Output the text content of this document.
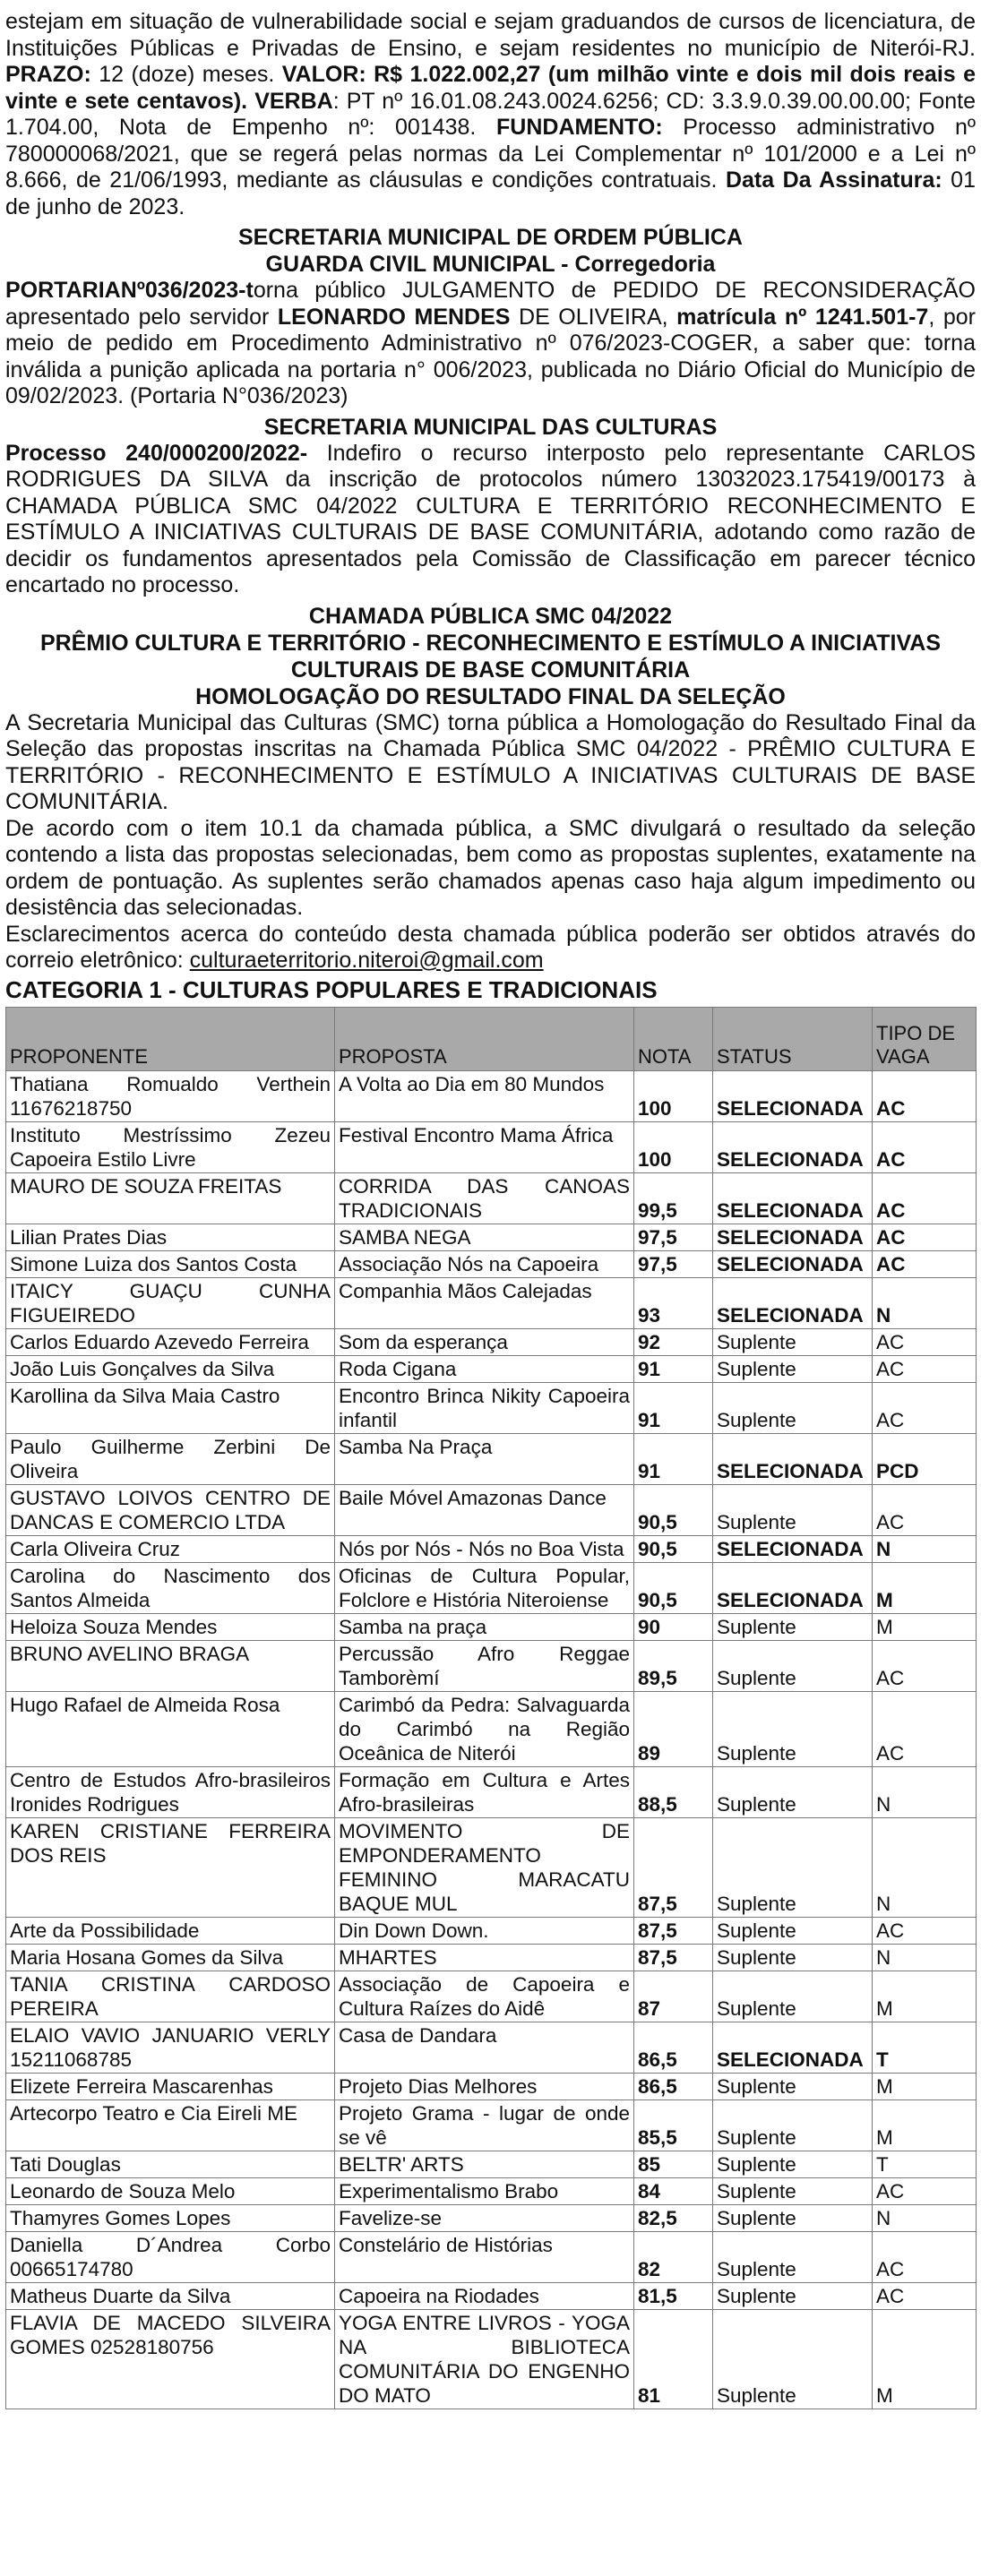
estejam em situação de vulnerabilidade social e sejam graduandos de cursos de licenciatura, de Instituições Públicas e Privadas de Ensino, e sejam residentes no município de Niterói-RJ. PRAZO: 12 (doze) meses. VALOR: R$ 1.022.002,27 (um milhão vinte e dois mil dois reais e vinte e sete centavos). VERBA: PT nº 16.01.08.243.0024.6256; CD: 3.3.9.0.39.00.00.00; Fonte 1.704.00, Nota de Empenho nº: 001438. FUNDAMENTO: Processo administrativo nº 780000068/2021, que se regerá pelas normas da Lei Complementar nº 101/2000 e a Lei nº 8.666, de 21/06/1993, mediante as cláusulas e condições contratuais. Data Da Assinatura: 01 de junho de 2023.

SECRETARIA MUNICIPAL DE ORDEM PÚBLICA
GUARDA CIVIL MUNICIPAL - Corregedoria

PORTARIANº036/2023-torna público JULGAMENTO de PEDIDO DE RECONSIDERAÇÃO apresentado pelo servidor LEONARDO MENDES DE OLIVEIRA, matrícula nº 1241.501-7, por meio de pedido em Procedimento Administrativo nº 076/2023-COGER, a saber que: torna inválida a punição aplicada na portaria n° 006/2023, publicada no Diário Oficial do Município de 09/02/2023. (Portaria N°036/2023)

SECRETARIA MUNICIPAL DAS CULTURAS

Processo 240/000200/2022- Indefiro o recurso interposto pelo representante CARLOS RODRIGUES DA SILVA da inscrição de protocolos número 13032023.175419/00173 à CHAMADA PÚBLICA SMC 04/2022 CULTURA E TERRITÓRIO RECONHECIMENTO E ESTÍMULO A INICIATIVAS CULTURAIS DE BASE COMUNITÁRIA, adotando como razão de decidir os fundamentos apresentados pela Comissão de Classificação em parecer técnico encartado no processo.

CHAMADA PÚBLICA SMC 04/2022
PRÊMIO CULTURA E TERRITÓRIO - RECONHECIMENTO E ESTÍMULO A INICIATIVAS CULTURAIS DE BASE COMUNITÁRIA
HOMOLOGAÇÃO DO RESULTADO FINAL DA SELEÇÃO

A Secretaria Municipal das Culturas (SMC) torna pública a Homologação do Resultado Final da Seleção das propostas inscritas na Chamada Pública SMC 04/2022 - PRÊMIO CULTURA E TERRITÓRIO - RECONHECIMENTO E ESTÍMULO A INICIATIVAS CULTURAIS DE BASE COMUNITÁRIA.

De acordo com o item 10.1 da chamada pública, a SMC divulgará o resultado da seleção contendo a lista das propostas selecionadas, bem como as propostas suplentes, exatamente na ordem de pontuação. As suplentes serão chamados apenas caso haja algum impedimento ou desistência das selecionadas.

Esclarecimentos acerca do conteúdo desta chamada pública poderão ser obtidos através do correio eletrônico: culturaeterritorio.niteroi@gmail.com

CATEGORIA 1 - CULTURAS POPULARES E TRADICIONAIS
PROPONENTE	PROPOSTA	NOTA	STATUS	TIPO DE VAGA
Thatiana Romualdo Verthein 11676218750	A Volta ao Dia em 80 Mundos	100	SELECIONADA	AC
Instituto Mestríssimo Zezeu Capoeira Estilo Livre	Festival Encontro Mama África	100	SELECIONADA	AC
MAURO DE SOUZA FREITAS	CORRIDA DAS CANOAS TRADICIONAIS	99,5	SELECIONADA	AC
Lilian Prates Dias	SAMBA NEGA	97,5	SELECIONADA	AC
Simone Luiza dos Santos Costa	Associação Nós na Capoeira	97,5	SELECIONADA	AC
ITAICY GUAÇU CUNHA FIGUEIREDO	Companhia Mãos Calejadas	93	SELECIONADA	N
Carlos Eduardo Azevedo Ferreira	Som da esperança	92	Suplente	AC
João Luis Gonçalves da Silva	Roda Cigana	91	Suplente	AC
Karollina da Silva Maia Castro	Encontro Brinca Nikity Capoeira infantil	91	Suplente	AC
Paulo Guilherme Zerbini De Oliveira	Samba Na Praça	91	SELECIONADA	PCD
GUSTAVO LOIVOS CENTRO DE DANCAS E COMERCIO LTDA	Baile Móvel Amazonas Dance	90,5	Suplente	AC
Carla Oliveira Cruz	Nós por Nós - Nós no Boa Vista	90,5	SELECIONADA	N
Carolina do Nascimento dos Santos Almeida	Oficinas de Cultura Popular, Folclore e História Niteroiense	90,5	SELECIONADA	M
Heloiza Souza Mendes	Samba na praça	90	Suplente	M
BRUNO AVELINO BRAGA	Percussão Afro Reggae Tamborèmí	89,5	Suplente	AC
Hugo Rafael de Almeida Rosa	Carimbó da Pedra: Salvaguarda do Carimbó na Região Oceânica de Niterói	89	Suplente	AC
Centro de Estudos Afro-brasileiros Ironides Rodrigues	Formação em Cultura e Artes Afro-brasileiras	88,5	Suplente	N
KAREN CRISTIANE FERREIRA DOS REIS	MOVIMENTO DE EMPONDERAMENTO FEMININO MARACATU BAQUE MUL	87,5	Suplente	N
Arte da Possibilidade	Din Down Down.	87,5	Suplente	AC
Maria Hosana Gomes da Silva	MHARTES	87,5	Suplente	N
TANIA CRISTINA CARDOSO PEREIRA	Associação de Capoeira e Cultura Raízes do Aidê	87	Suplente	M
ELAIO VAVIO JANUARIO VERLY 15211068785	Casa de Dandara	86,5	SELECIONADA	T
Elizete Ferreira Mascarenhas	Projeto Dias Melhores	86,5	Suplente	M
Artecorpo Teatro e Cia Eireli ME	Projeto Grama - lugar de onde se vê	85,5	Suplente	M
Tati Douglas	BELTR' ARTS	85	Suplente	T
Leonardo de Souza Melo	Experimentalismo Brabo	84	Suplente	AC
Thamyres Gomes Lopes	Favelize-se	82,5	Suplente	N
Daniella D´Andrea Corbo 00665174780	Constelário de Histórias	82	Suplente	AC
Matheus Duarte da Silva	Capoeira na Riodades	81,5	Suplente	AC
FLAVIA DE MACEDO SILVEIRA GOMES 02528180756	YOGA ENTRE LIVROS - YOGA NA BIBLIOTECA COMUNITÁRIA DO ENGENHO DO MATO	81	Suplente	M
